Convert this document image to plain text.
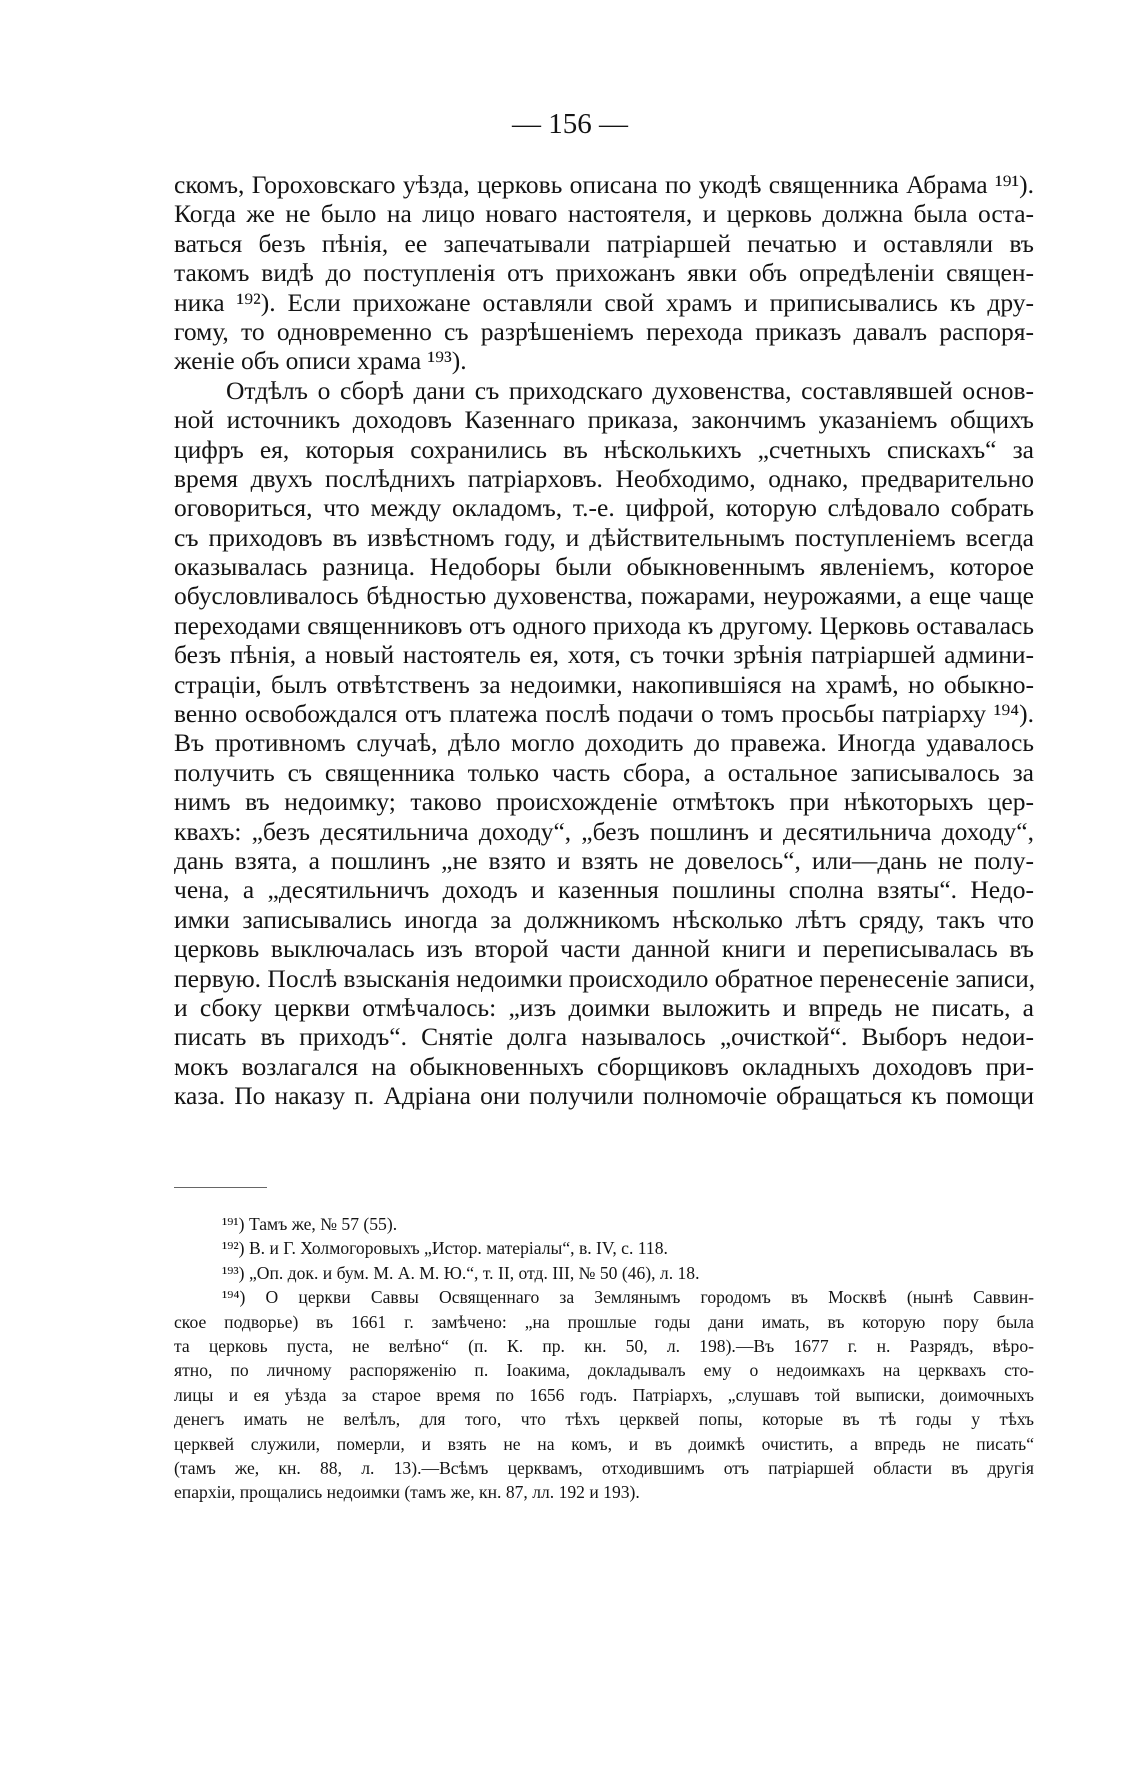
— 156 —
скомъ, Гороховскаго уѣзда, церковь описана по укодѣ священника Абрама ¹⁹¹).
Когда же не было на лицо новаго настоятеля, и церковь должна была оста-
ваться безъ пѣнія, ее запечатывали патріаршей печатью и оставляли въ
такомъ видѣ до поступленія отъ прихожанъ явки объ опредѣленіи священ-
ника ¹⁹²). Если прихожане оставляли свой храмъ и приписывались къ дру-
гому, то одновременно съ разрѣшеніемъ перехода приказъ давалъ распоря-
женіе объ описи храма ¹⁹³).
Отдѣлъ о сборѣ дани съ приходскаго духовенства, составлявшей основ-
ной источникъ доходовъ Казеннаго приказа, закончимъ указаніемъ общихъ
цифръ ея, которыя сохранились въ нѣсколькихъ „счетныхъ спискахъ“ за
время двухъ послѣднихъ патріарховъ. Необходимо, однако, предварительно
оговориться, что между окладомъ, т.-е. цифрой, которую слѣдовало собрать
съ приходовъ въ извѣстномъ году, и дѣйствительнымъ поступленіемъ всегда
оказывалась разница. Недоборы были обыкновеннымъ явленіемъ, которое
обусловливалось бѣдностью духовенства, пожарами, неурожаями, а еще чаще
переходами священниковъ отъ одного прихода къ другому. Церковь оставалась
безъ пѣнія, а новый настоятель ея, хотя, съ точки зрѣнія патріаршей админи-
страціи, былъ отвѣтственъ за недоимки, накопившіяся на храмѣ, но обыкно-
венно освобождался отъ платежа послѣ подачи о томъ просьбы патріарху ¹⁹⁴).
Въ противномъ случаѣ, дѣло могло доходить до правежа. Иногда удавалось
получить съ священника только часть сбора, а остальное записывалось за
нимъ въ недоимку; таково происхожденіе отмѣтокъ при нѣкоторыхъ цер-
квахъ: „безъ десятильнича доходу“, „безъ пошлинъ и десятильнича доходу“,
дань взята, а пошлинъ „не взято и взять не довелось“, или—дань не полу-
чена, а „десятильничъ доходъ и казенныя пошлины сполна взяты“. Недо-
имки записывались иногда за должникомъ нѣсколько лѣтъ сряду, такъ что
церковь выключалась изъ второй части данной книги и переписывалась въ
первую. Послѣ взысканія недоимки происходило обратное перенесеніе записи,
и сбоку церкви отмѣчалось: „изъ доимки выложить и впредь не писать, а
писать въ приходъ“. Снятіе долга называлось „очисткой“. Выборъ недои-
мокъ возлагался на обыкновенныхъ сборщиковъ окладныхъ доходовъ при-
каза. По наказу п. Адріана они получили полномочіе обращаться къ помощи
¹⁹¹) Тамъ же, № 57 (55).
¹⁹²) В. и Г. Холмогоровыхъ „Истор. матеріалы“, в. IV, с. 118.
¹⁹³) „Оп. док. и бум. М. А. М. Ю.“, т. II, отд. III, № 50 (46), л. 18.
¹⁹⁴) О церкви Саввы Освященнаго за Землянымъ городомъ въ Москвѣ (нынѣ Саввин-
ское подворье) въ 1661 г. замѣчено: „на прошлые годы дани имать, въ которую пору была
та церковь пуста, не велѣно“ (п. К. пр. кн. 50, л. 198).—Въ 1677 г. н. Разрядъ, вѣро-
ятно, по личному распоряженію п. Іоакима, докладывалъ ему о недоимкахъ на церквахъ сто-
лицы и ея уѣзда за старое время по 1656 годъ. Патріархъ, „слушавъ той выписки, доимочныхъ
денегъ имать не велѣлъ, для того, что тѣхъ церквей попы, которые въ тѣ годы у тѣхъ
церквей служили, померли, и взять не на комъ, и въ доимкѣ очистить, а впредь не писать“
(тамъ же, кн. 88, л. 13).—Всѣмъ церквамъ, отходившимъ отъ патріаршей области въ другія
епархіи, прощались недоимки (тамъ же, кн. 87, лл. 192 и 193).
